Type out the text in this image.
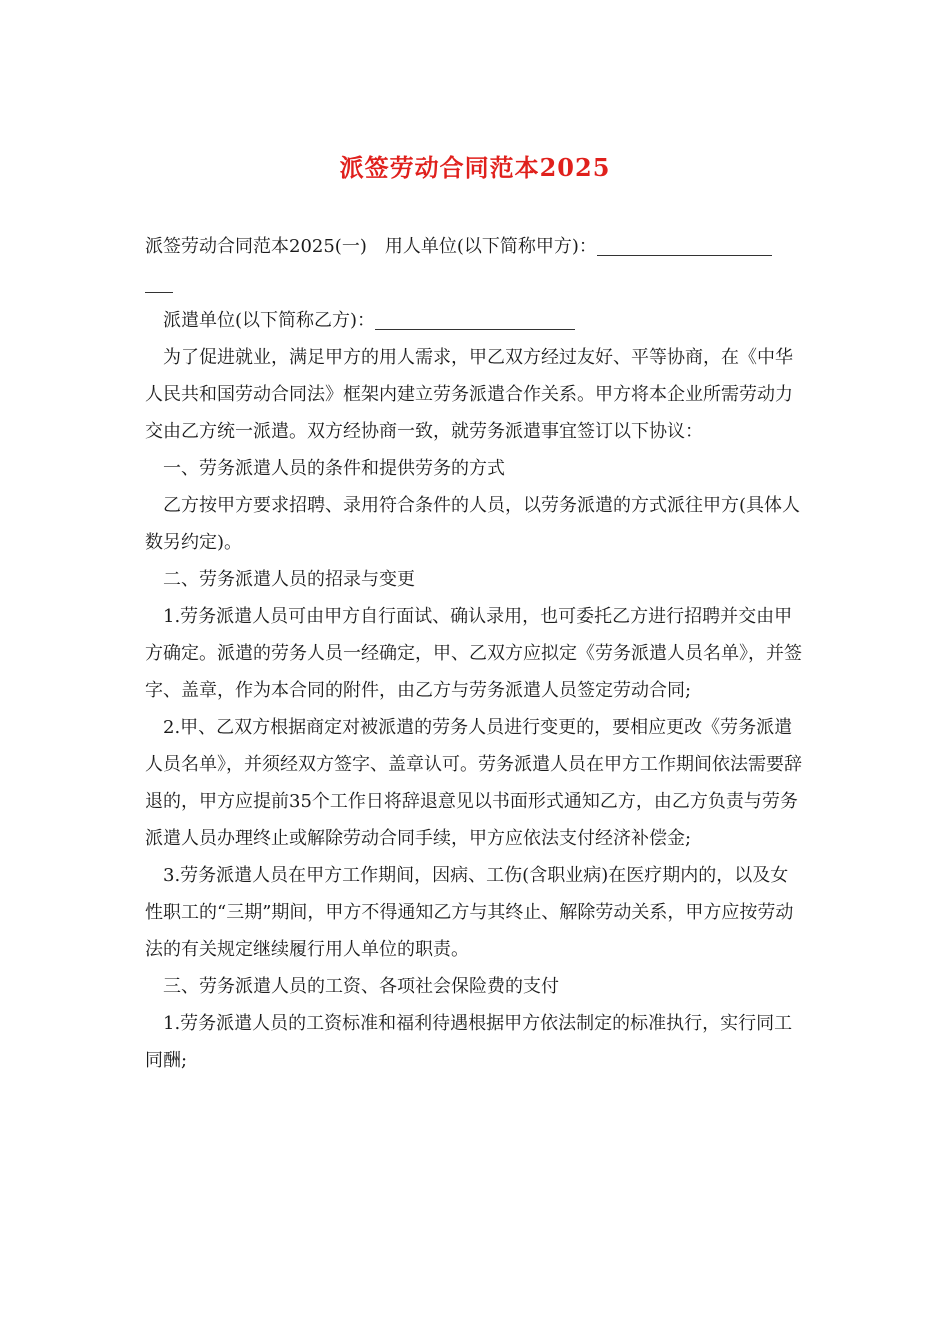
派签劳动合同范本2025

派签劳动合同范本2025(一)　用人单位(以下简称甲方)：

派遣单位(以下简称乙方)：

为了促进就业，满足甲方的用人需求，甲乙双方经过友好、平等协商，在《中华人民共和国劳动合同法》框架内建立劳务派遣合作关系。甲方将本企业所需劳动力交由乙方统一派遣。双方经协商一致，就劳务派遣事宜签订以下协议：

一、劳务派遣人员的条件和提供劳务的方式

乙方按甲方要求招聘、录用符合条件的人员，以劳务派遣的方式派往甲方(具体人数另约定)。

二、劳务派遣人员的招录与变更

1.劳务派遣人员可由甲方自行面试、确认录用，也可委托乙方进行招聘并交由甲方确定。派遣的劳务人员一经确定，甲、乙双方应拟定《劳务派遣人员名单》，并签字、盖章，作为本合同的附件，由乙方与劳务派遣人员签定劳动合同;

2.甲、乙双方根据商定对被派遣的劳务人员进行变更的，要相应更改《劳务派遣人员名单》，并须经双方签字、盖章认可。劳务派遣人员在甲方工作期间依法需要辞退的，甲方应提前35个工作日将辞退意见以书面形式通知乙方，由乙方负责与劳务派遣人员办理终止或解除劳动合同手续，甲方应依法支付经济补偿金;

3.劳务派遣人员在甲方工作期间，因病、工伤(含职业病)在医疗期内的，以及女性职工的“三期”期间，甲方不得通知乙方与其终止、解除劳动关系，甲方应按劳动法的有关规定继续履行用人单位的职责。

三、劳务派遣人员的工资、各项社会保险费的支付

1.劳务派遣人员的工资标准和福利待遇根据甲方依法制定的标准执行，实行同工同酬;
